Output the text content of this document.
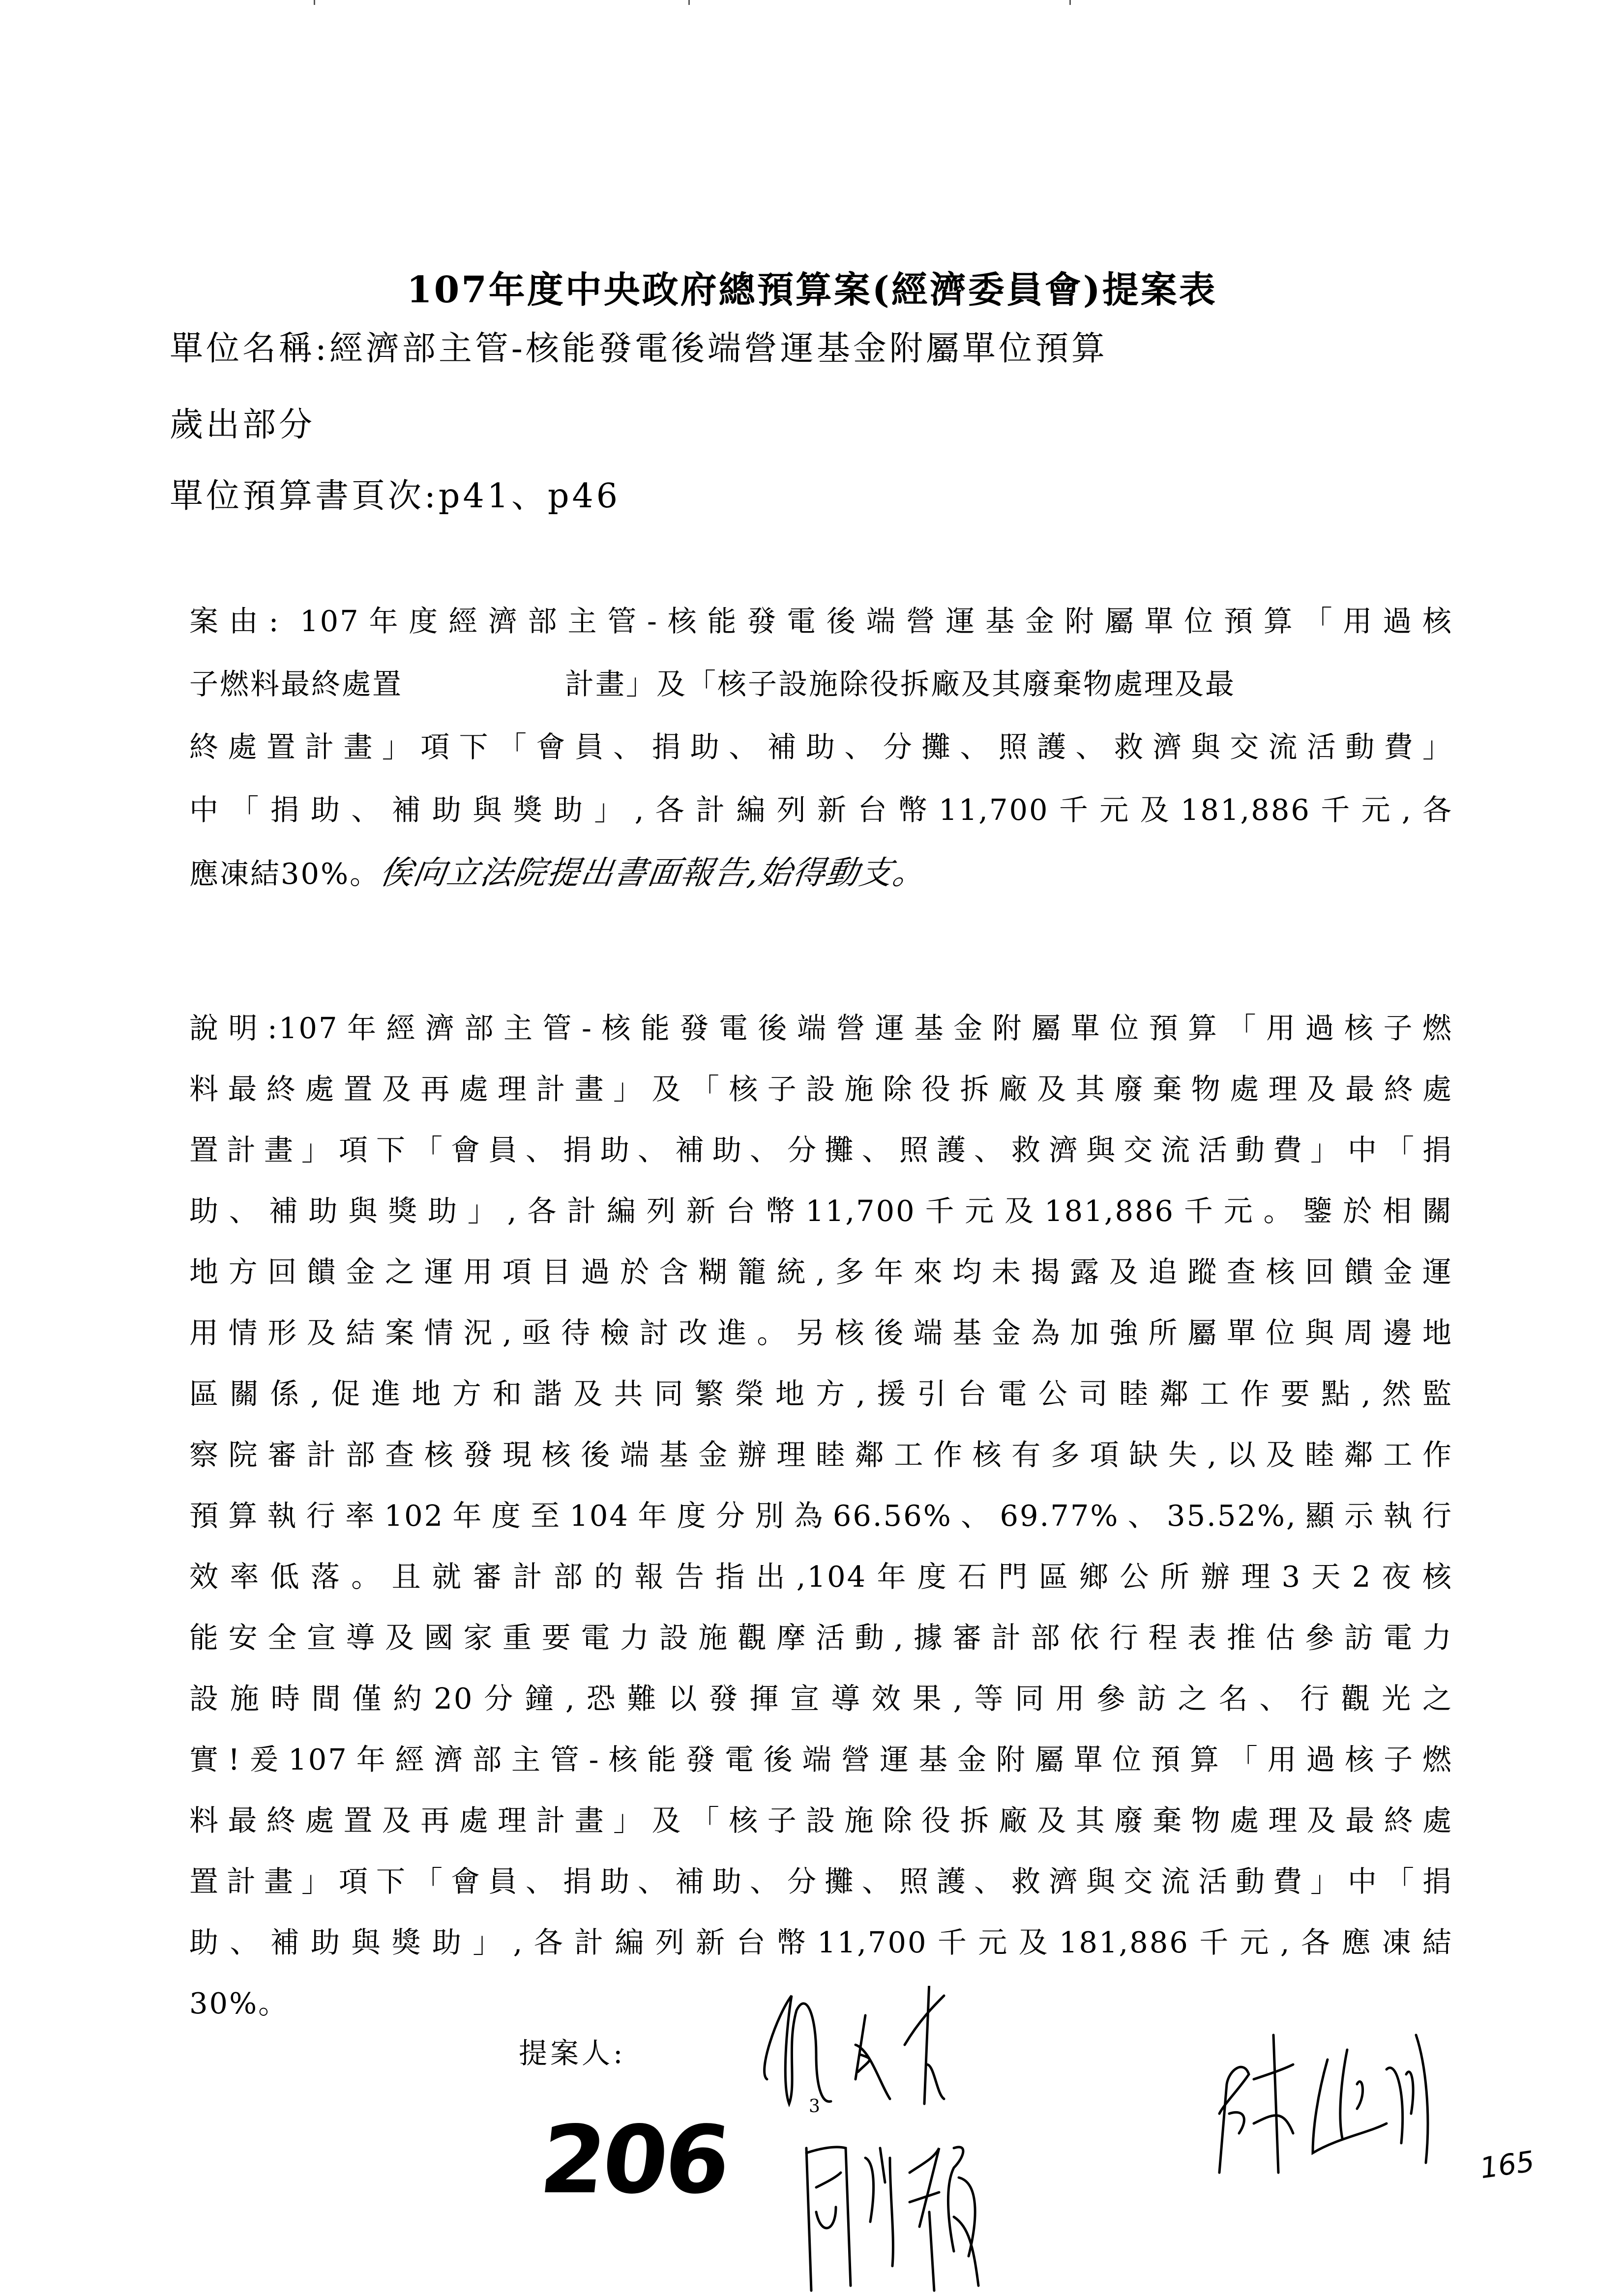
107年度中央政府總預算案(經濟委員會)提案表
單位名稱:經濟部主管-核能發電後端營運基金附屬單位預算
歲出部分
單位預算書頁次:p41、p46
案由: 107年度經濟部主管-核能發電後端營運基金附屬單位預算「用過核
子燃料最終處置	計畫」及「核子設施除役拆廠及其廢棄物處理及最
終處置計畫」項下「會員、捐助、補助、分攤、照護、救濟與交流活動費」
中「捐助、補助與獎助」,各計編列新台幣11,700千元及181,886千元,各
應凍結30%。俟向立法院提出書面報告,始得動支。
說明:107年經濟部主管-核能發電後端營運基金附屬單位預算「用過核子燃
料最終處置及再處理計畫」及「核子設施除役拆廠及其廢棄物處理及最終處
置計畫」項下「會員、捐助、補助、分攤、照護、救濟與交流活動費」中「捐
助、補助與獎助」,各計編列新台幣11,700千元及181,886千元。鑒於相關
地方回饋金之運用項目過於含糊籠統,多年來均未揭露及追蹤查核回饋金運
用情形及結案情況,亟待檢討改進。另核後端基金為加強所屬單位與周邊地
區關係,促進地方和諧及共同繁榮地方,援引台電公司睦鄰工作要點,然監
察院審計部查核發現核後端基金辦理睦鄰工作核有多項缺失,以及睦鄰工作
預算執行率102年度至104年度分別為66.56%、69.77%、35.52%,顯示執行
效率低落。且就審計部的報告指出,104年度石門區鄉公所辦理3天2夜核
能安全宣導及國家重要電力設施觀摩活動,據審計部依行程表推估參訪電力
設施時間僅約20分鐘,恐難以發揮宣導效果,等同用參訪之名、行觀光之
實!爰107年經濟部主管-核能發電後端營運基金附屬單位預算「用過核子燃
料最終處置及再處理計畫」及「核子設施除役拆廠及其廢棄物處理及最終處
置計畫」項下「會員、捐助、補助、分攤、照護、救濟與交流活動費」中「捐
助、補助與獎助」,各計編列新台幣11,700千元及181,886千元,各應凍結
30%。
提案人:
3
206	165
